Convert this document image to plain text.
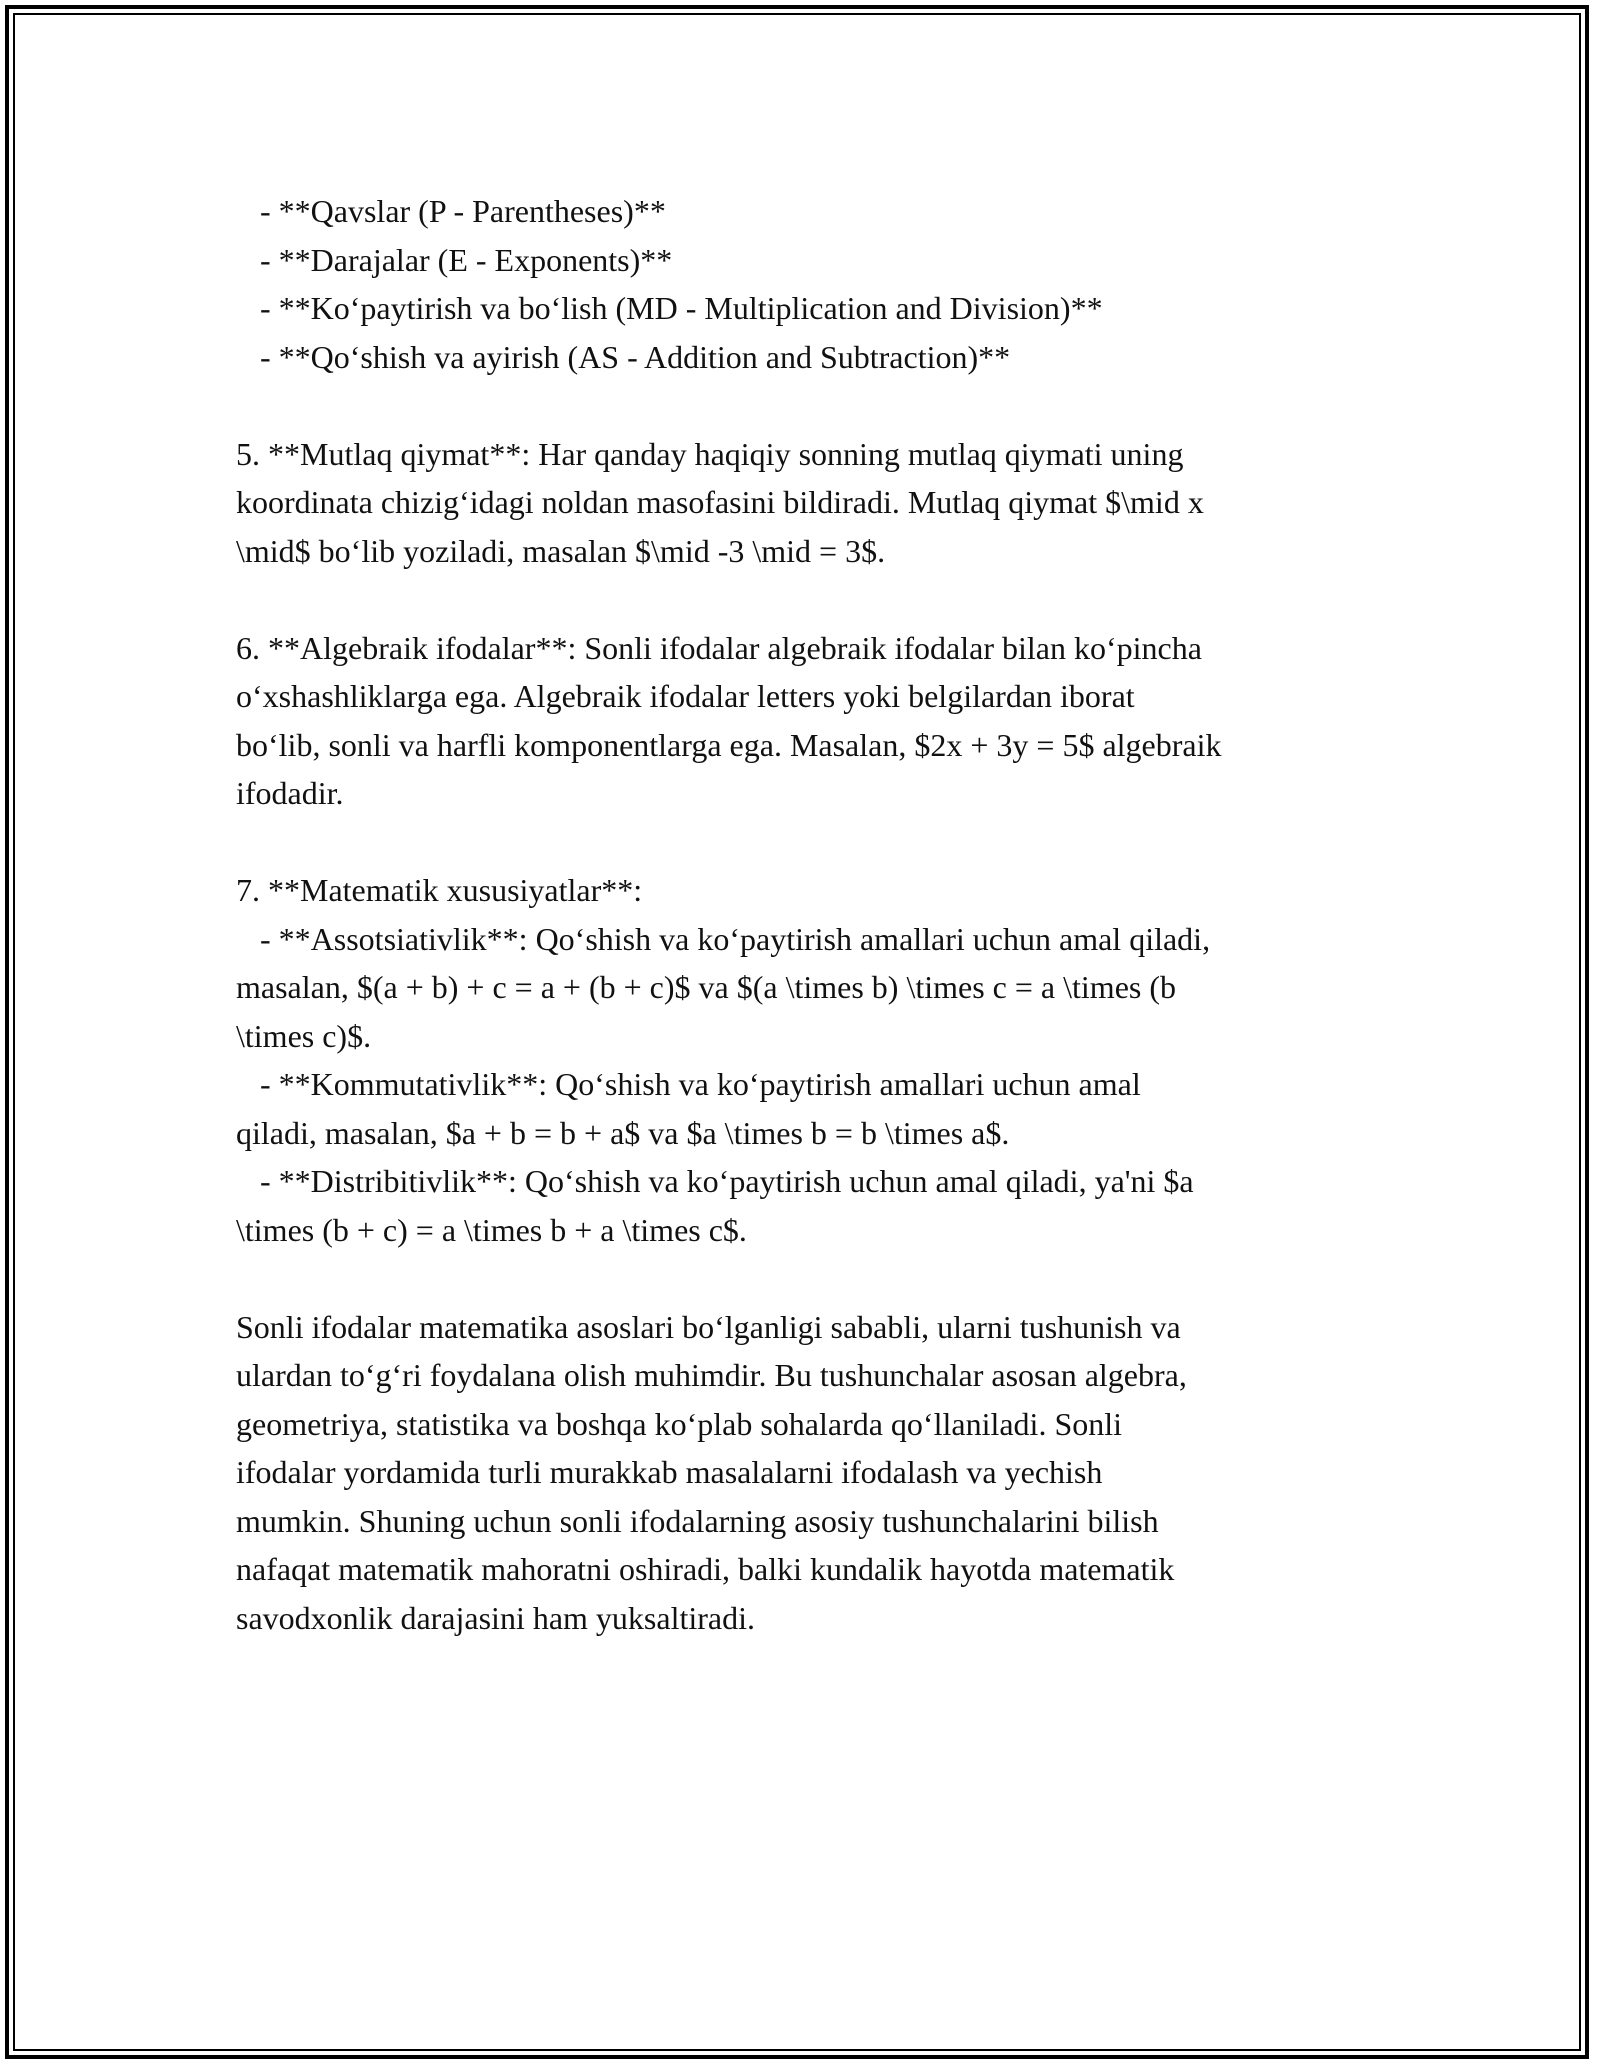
- **Qavslar (P - Parentheses)**
- **Darajalar (E - Exponents)**
- **Ko‘paytirish va bo‘lish (MD - Multiplication and Division)**
- **Qo‘shish va ayirish (AS - Addition and Subtraction)**
5. **Mutlaq qiymat**: Har qanday haqiqiy sonning mutlaq qiymati uning
koordinata chizig‘idagi noldan masofasini bildiradi. Mutlaq qiymat $\mid x
\mid$ bo‘lib yoziladi, masalan $\mid -3 \mid = 3$.
6. **Algebraik ifodalar**: Sonli ifodalar algebraik ifodalar bilan ko‘pincha
o‘xshashliklarga ega. Algebraik ifodalar letters yoki belgilardan iborat
bo‘lib, sonli va harfli komponentlarga ega. Masalan, $2x + 3y = 5$ algebraik
ifodadir.
7. **Matematik xususiyatlar**:
- **Assotsiativlik**: Qo‘shish va ko‘paytirish amallari uchun amal qiladi,
masalan, $(a + b) + c = a + (b + c)$ va $(a \times b) \times c = a \times (b
\times c)$.
- **Kommutativlik**: Qo‘shish va ko‘paytirish amallari uchun amal
qiladi, masalan, $a + b = b + a$ va $a \times b = b \times a$.
- **Distribitivlik**: Qo‘shish va ko‘paytirish uchun amal qiladi, ya'ni $a
\times (b + c) = a \times b + a \times c$.
Sonli ifodalar matematika asoslari bo‘lganligi sababli, ularni tushunish va
ulardan to‘g‘ri foydalana olish muhimdir. Bu tushunchalar asosan algebra,
geometriya, statistika va boshqa ko‘plab sohalarda qo‘llaniladi. Sonli
ifodalar yordamida turli murakkab masalalarni ifodalash va yechish
mumkin. Shuning uchun sonli ifodalarning asosiy tushunchalarini bilish
nafaqat matematik mahoratni oshiradi, balki kundalik hayotda matematik
savodxonlik darajasini ham yuksaltiradi.
